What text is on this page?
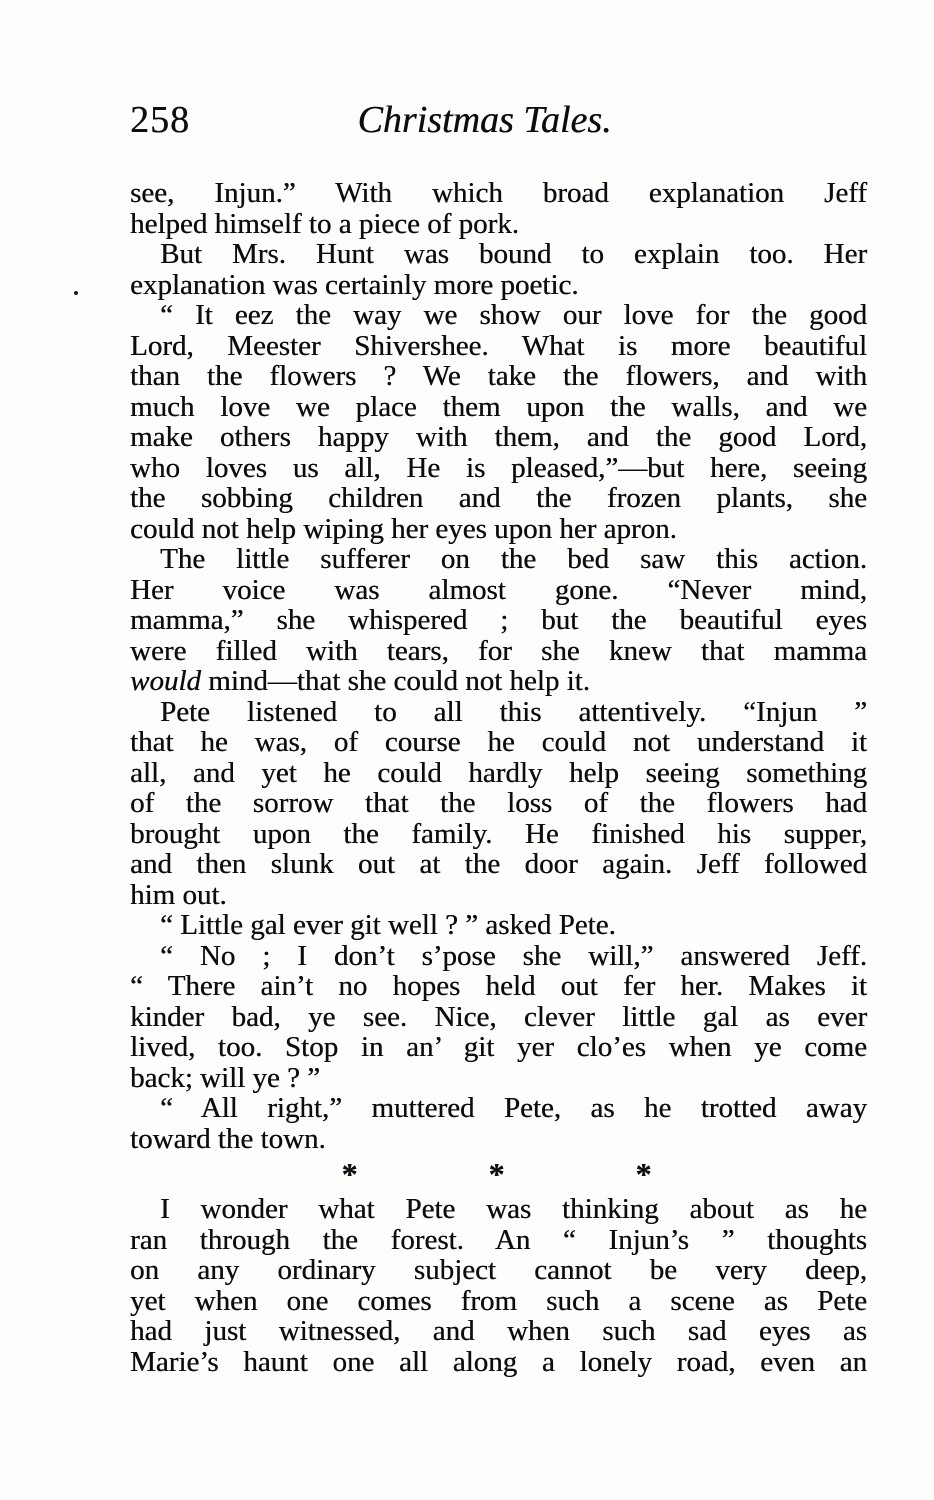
258	Christmas Tales.
see, Injun.” With which broad explanation Jeff
helped himself to a piece of pork.
But Mrs. Hunt was bound to explain too. Her
explanation was certainly more poetic.
“ It eez the way we show our love for the good
Lord, Meester Shivershee. What is more beautiful
than the flowers ? We take the flowers, and with
much love we place them upon the walls, and we
make others happy with them, and the good Lord,
who loves us all, He is pleased,”—but here, seeing
the sobbing children and the frozen plants, she
could not help wiping her eyes upon her apron.
The little sufferer on the bed saw this action.
Her voice was almost gone. “Never mind,
mamma,” she whispered ; but the beautiful eyes
were filled with tears, for she knew that mamma
would mind—that she could not help it.
Pete listened to all this attentively. “Injun ”
that he was, of course he could not understand it
all, and yet he could hardly help seeing something
of the sorrow that the loss of the flowers had
brought upon the family. He finished his supper,
and then slunk out at the door again. Jeff followed
him out.
“ Little gal ever git well ? ” asked Pete.
“ No ; I don’t s’pose she will,” answered Jeff.
“ There ain’t no hopes held out fer her. Makes it
kinder bad, ye see. Nice, clever little gal as ever
lived, too. Stop in an’ git yer clo’es when ye come
back; will ye ? ”
“ All right,” muttered Pete, as he trotted away
toward the town.
*	*	*
I wonder what Pete was thinking about as he
ran through the forest. An “ Injun’s ” thoughts
on any ordinary subject cannot be very deep,
yet when one comes from such a scene as Pete
had just witnessed, and when such sad eyes as
Marie’s haunt one all along a lonely road, even an
